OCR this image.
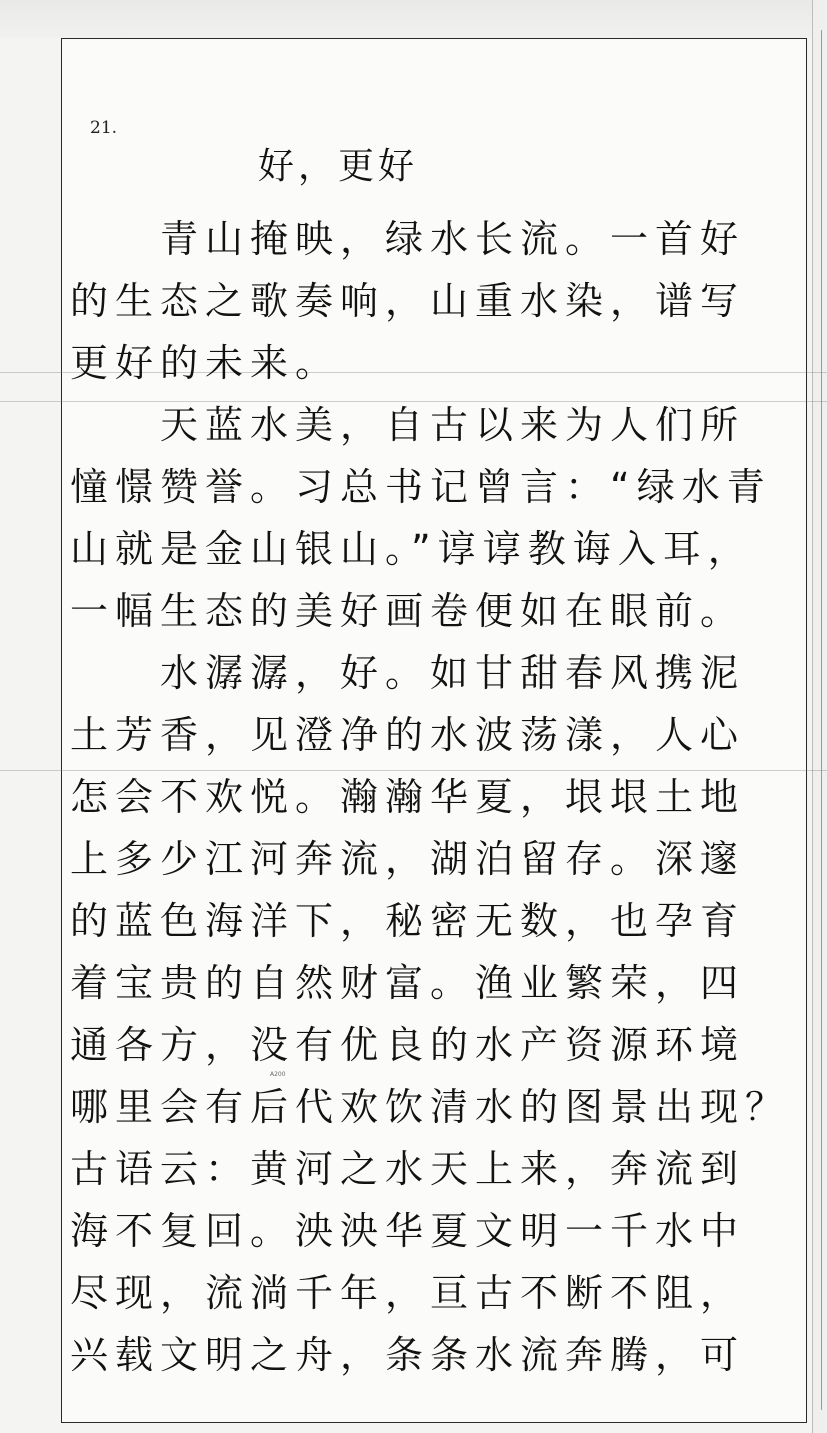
21.
好，更好
　　青山掩映，绿水长流。一首好
的生态之歌奏响，山重水染，谱写
更好的未来。
　　天蓝水美，自古以来为人们所
憧憬赞誉。习总书记曾言：“绿水青
山就是金山银山。”谆谆教诲入耳，
一幅生态的美好画卷便如在眼前。
　　水潺潺，好。如甘甜春风携泥
土芳香，见澄净的水波荡漾，人心
怎会不欢悦。瀚瀚华夏，垠垠土地
上多少江河奔流，湖泊留存。深邃
的蓝色海洋下，秘密无数，也孕育
着宝贵的自然财富。渔业繁荣，四
通各方，没有优良的水产资源环境
哪里会有后代欢饮清水的图景出现？
古语云：黄河之水天上来，奔流到
海不复回。泱泱华夏文明一千水中
尽现，流淌千年，亘古不断不阻，
兴载文明之舟，条条水流奔腾，可
A200
